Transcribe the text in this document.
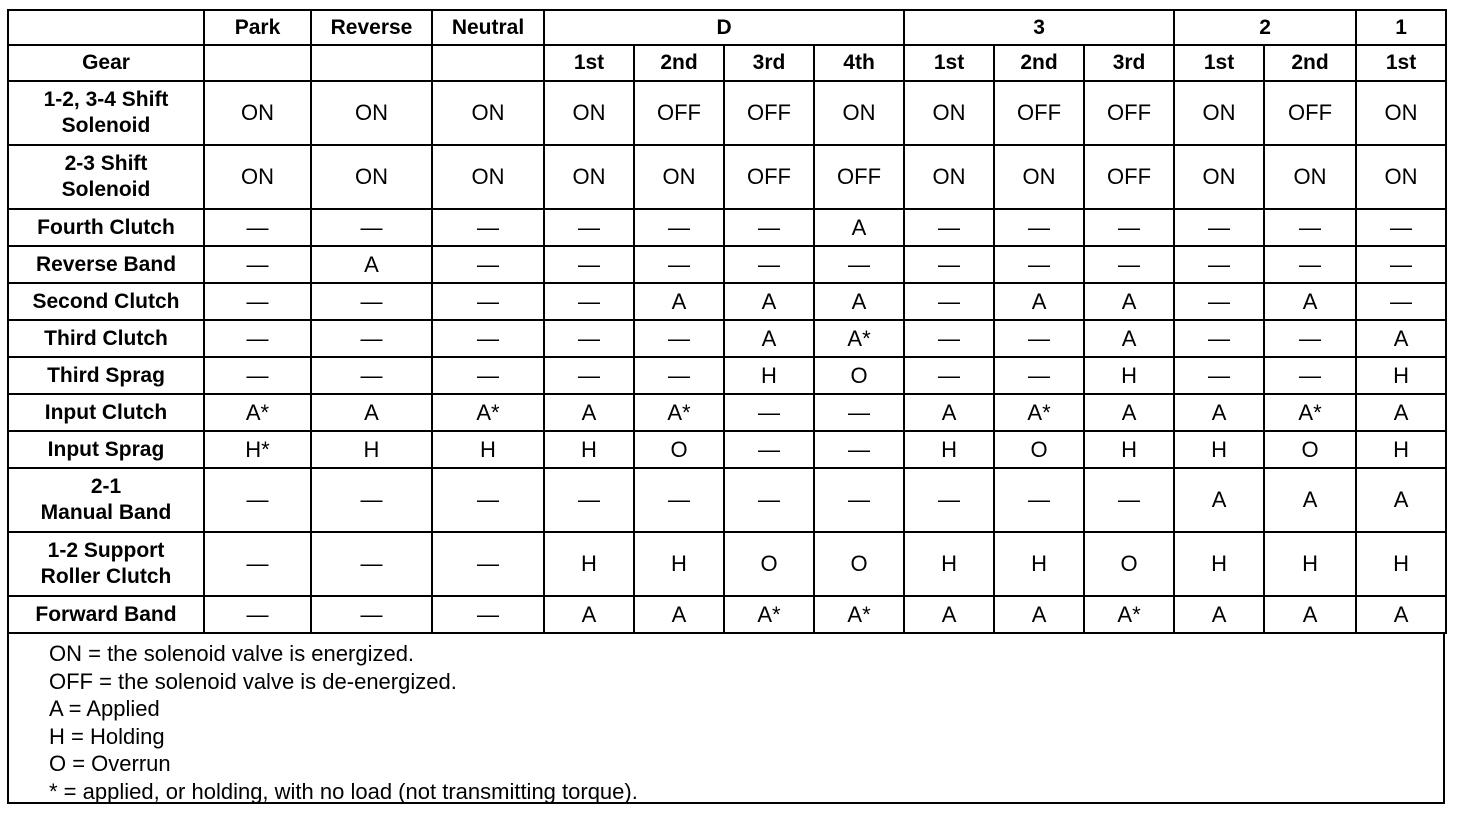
	Park	Reverse	Neutral	D				3			2		1
Gear				1st	2nd	3rd	4th	1st	2nd	3rd	1st	2nd	1st
1-2, 3-4 Shift
Solenoid	ON	ON	ON	ON	OFF	OFF	ON	ON	OFF	OFF	ON	OFF	ON
2-3 Shift
Solenoid	ON	ON	ON	ON	ON	OFF	OFF	ON	ON	OFF	ON	ON	ON
Fourth Clutch	—	—	—	—	—	—	A	—	—	—	—	—	—
Reverse Band	—	A	—	—	—	—	—	—	—	—	—	—	—
Second Clutch	—	—	—	—	A	A	A	—	A	A	—	A	—
Third Clutch	—	—	—	—	—	A	A*	—	—	A	—	—	A
Third Sprag	—	—	—	—	—	H	O	—	—	H	—	—	H
Input Clutch	A*	A	A*	A	A*	—	—	A	A*	A	A	A*	A
Input Sprag	H*	H	H	H	O	—	—	H	O	H	H	O	H
2-1
Manual Band	—	—	—	—	—	—	—	—	—	—	A	A	A
1-2 Support
Roller Clutch	—	—	—	H	H	O	O	H	H	O	H	H	H
Forward Band	—	—	—	A	A	A*	A*	A	A	A*	A	A	A
ON = the solenoid valve is energized.
OFF = the solenoid valve is de-energized.
A = Applied
H = Holding
O = Overrun
* = applied, or holding, with no load (not transmitting torque).
